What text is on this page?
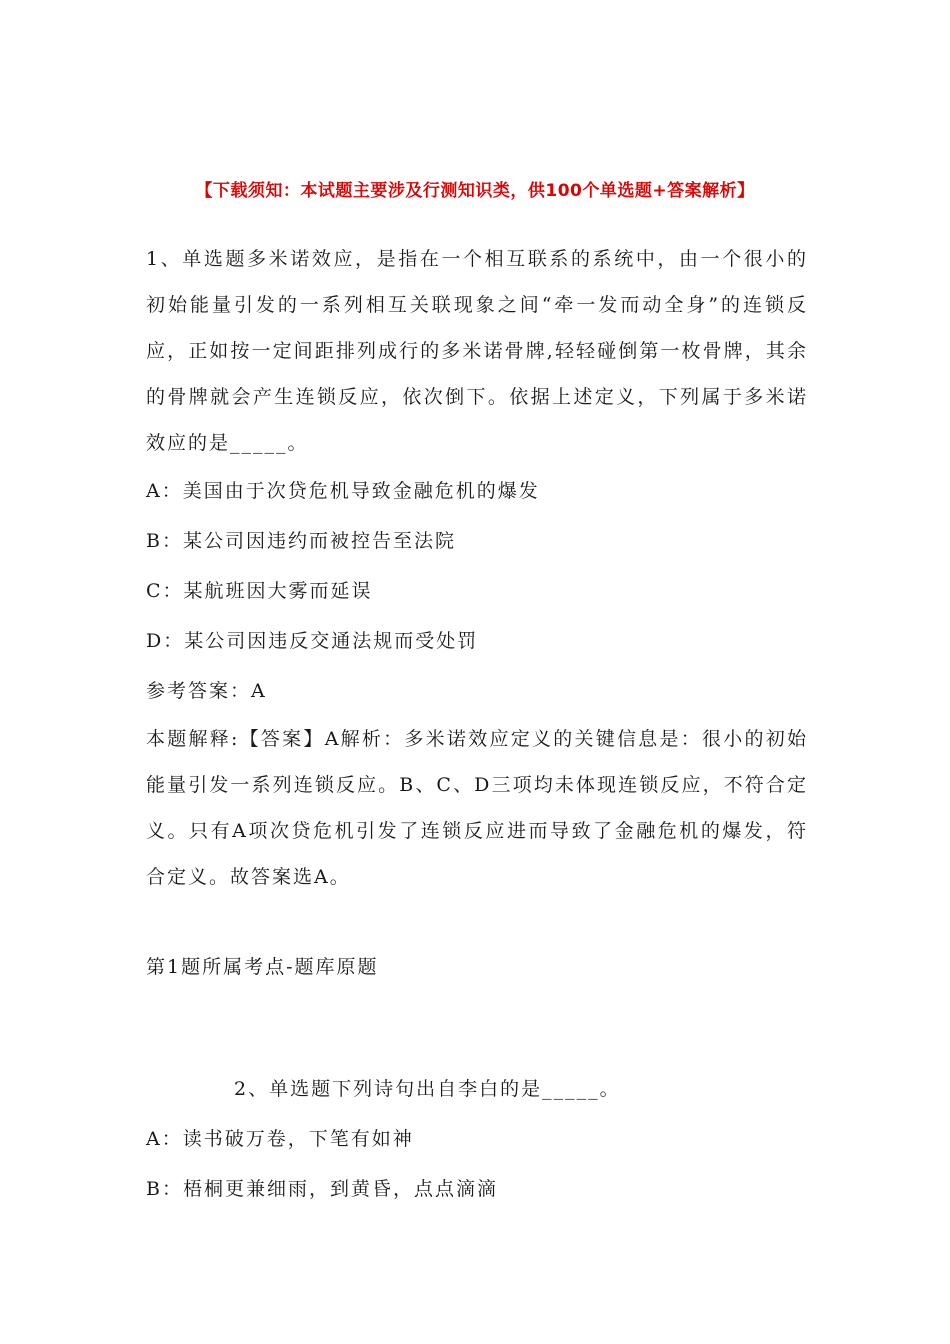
【下载须知：本试题主要涉及行测知识类，供100个单选题+答案解析】

1、单选题多米诺效应，是指在一个相互联系的系统中，由一个很小的初始能量引发的一系列相互关联现象之间“牵一发而动全身”的连锁反应，正如按一定间距排列成行的多米诺骨牌,轻轻碰倒第一枚骨牌，其余的骨牌就会产生连锁反应，依次倒下。依据上述定义，下列属于多米诺效应的是_____。

A：美国由于次贷危机导致金融危机的爆发

B：某公司因违约而被控告至法院

C：某航班因大雾而延误

D：某公司因违反交通法规而受处罚

参考答案：A

本题解释:【答案】A解析：多米诺效应定义的关键信息是：很小的初始能量引发一系列连锁反应。B、C、D三项均未体现连锁反应，不符合定义。只有A项次贷危机引发了连锁反应进而导致了金融危机的爆发，符合定义。故答案选A。

第1题所属考点-题库原题

2、单选题下列诗句出自李白的是_____。

A：读书破万卷，下笔有如神

B：梧桐更兼细雨，到黄昏，点点滴滴
